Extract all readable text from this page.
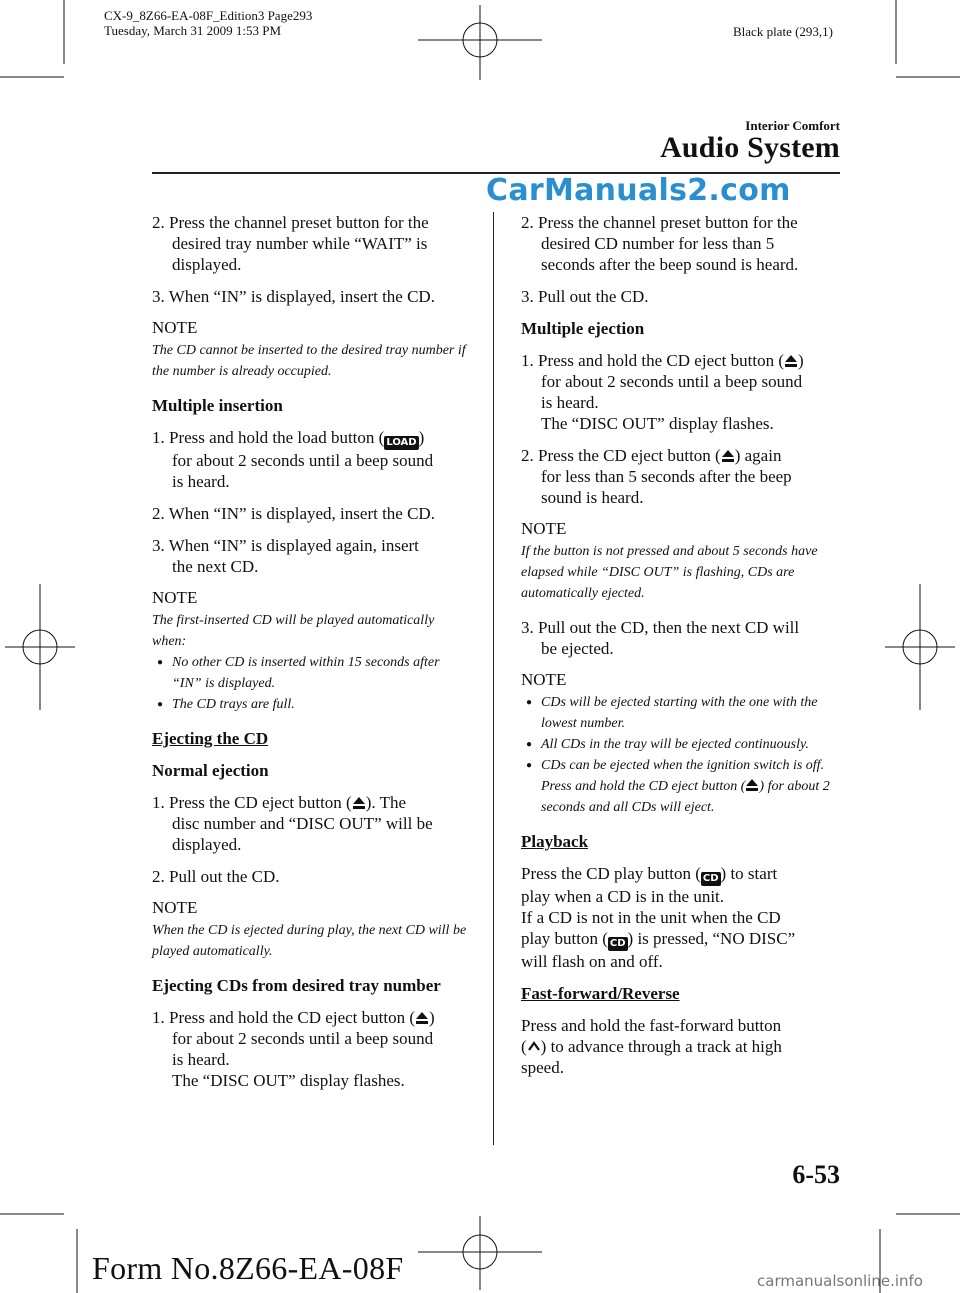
CX-9_8Z66-EA-08F_Edition3 Page293
Tuesday, March 31 2009 1:53 PM	Black plate (293,1)
Interior Comfort
Audio System
CarManuals2.com

2. Press the channel preset button for the
desired tray number while “WAIT” is
displayed.

3. When “IN” is displayed, insert the CD.

NOTE

The CD cannot be inserted to the desired tray number if the number is already occupied.

Multiple insertion

1. Press and hold the load button ( LOAD )
for about 2 seconds until a beep sound
is heard.

2. When “IN” is displayed, insert the CD.

3. When “IN” is displayed again, insert
the next CD.

NOTE

The first-inserted CD will be played automatically when:

● No other CD is inserted within 15 seconds after “IN” is displayed.

● The CD trays are full.

Ejecting the CD

Normal ejection

1. Press the CD eject button ( ). The
disc number and “DISC OUT” will be
displayed.

2. Pull out the CD.

NOTE

When the CD is ejected during play, the next CD will be played automatically.

Ejecting CDs from desired tray number

1. Press and hold the CD eject button ( )
for about 2 seconds until a beep sound
is heard.
The “DISC OUT” display flashes.

2. Press the channel preset button for the
desired CD number for less than 5
seconds after the beep sound is heard.

3. Pull out the CD.

Multiple ejection

1. Press and hold the CD eject button ( )
for about 2 seconds until a beep sound
is heard.
The “DISC OUT” display flashes.

2. Press the CD eject button ( ) again
for less than 5 seconds after the beep
sound is heard.

NOTE

If the button is not pressed and about 5 seconds have elapsed while “DISC OUT” is flashing, CDs are automatically ejected.

3. Pull out the CD, then the next CD will
be ejected.

NOTE

● CDs will be ejected starting with the one with the lowest number.

● All CDs in the tray will be ejected continuously.

● CDs can be ejected when the ignition switch is off. Press and hold the CD eject button ( ) for about 2 seconds and all CDs will eject.

Playback

Press the CD play button ( CD ) to start
play when a CD is in the unit.
If a CD is not in the unit when the CD
play button ( CD ) is pressed, “NO DISC”
will flash on and off.

Fast-forward/Reverse

Press and hold the fast-forward button
( ) to advance through a track at high
speed.

6-53
Form No.8Z66-EA-08F	carmanualsonline.info
